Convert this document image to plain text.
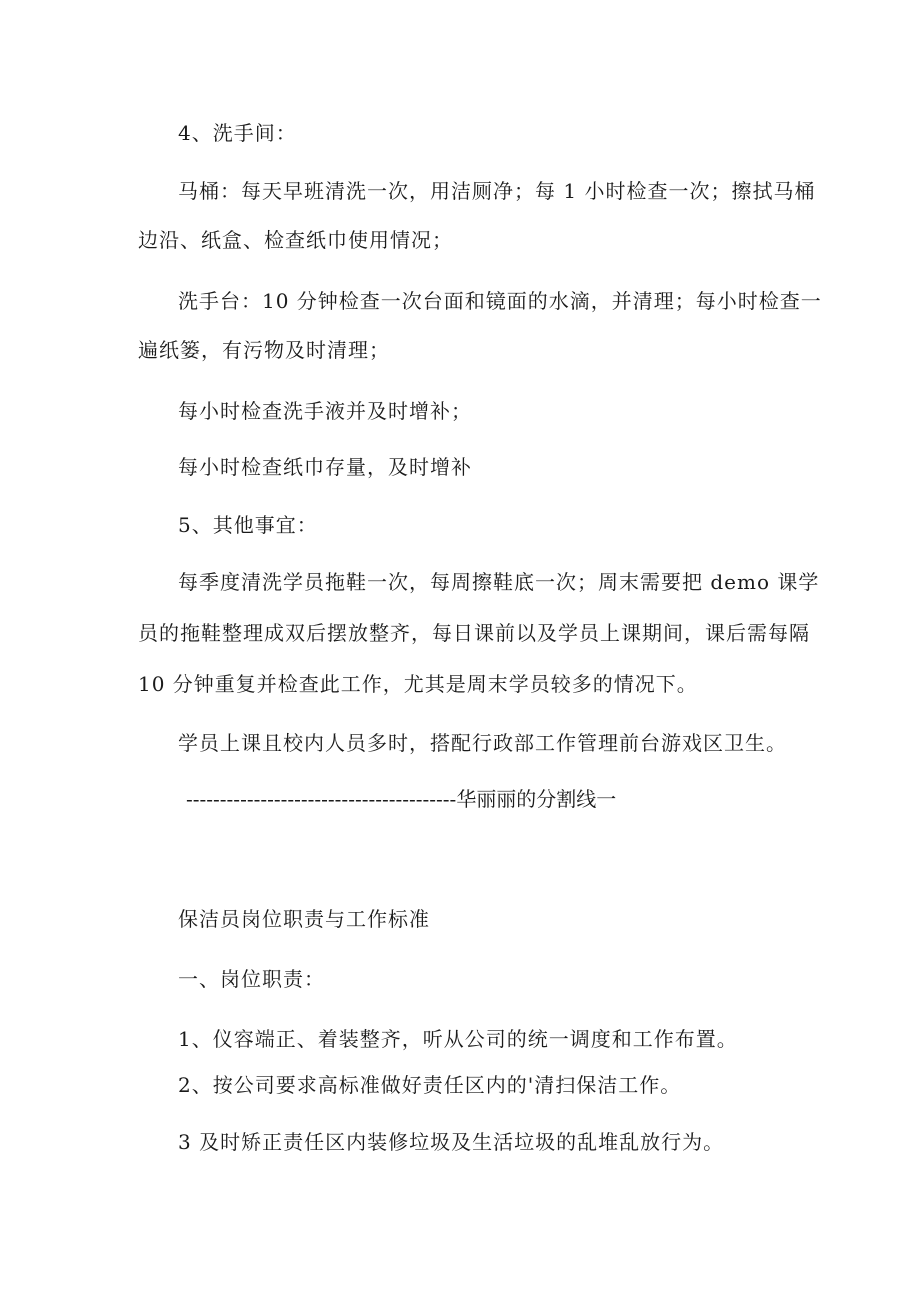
4、洗手间：
马桶：每天早班清洗一次，用洁厕净；每 1 小时检查一次；擦拭马桶
边沿、纸盒、检查纸巾使用情况；
洗手台：10 分钟检查一次台面和镜面的水滴，并清理；每小时检查一
遍纸篓，有污物及时清理；
每小时检查洗手液并及时增补；
每小时检查纸巾存量，及时增补
5、其他事宜：
每季度清洗学员拖鞋一次，每周擦鞋底一次；周末需要把 demo 课学
员的拖鞋整理成双后摆放整齐，每日课前以及学员上课期间，课后需每隔
10 分钟重复并检查此工作，尤其是周末学员较多的情况下。
学员上课且校内人员多时，搭配行政部工作管理前台游戏区卫生。
----------------------------------------华丽丽的分割线一
保洁员岗位职责与工作标准
一、岗位职责：
1、仪容端正、着装整齐，听从公司的统一调度和工作布置。
2、按公司要求高标准做好责任区内的'清扫保洁工作。
3 及时矫正责任区内装修垃圾及生活垃圾的乱堆乱放行为。
